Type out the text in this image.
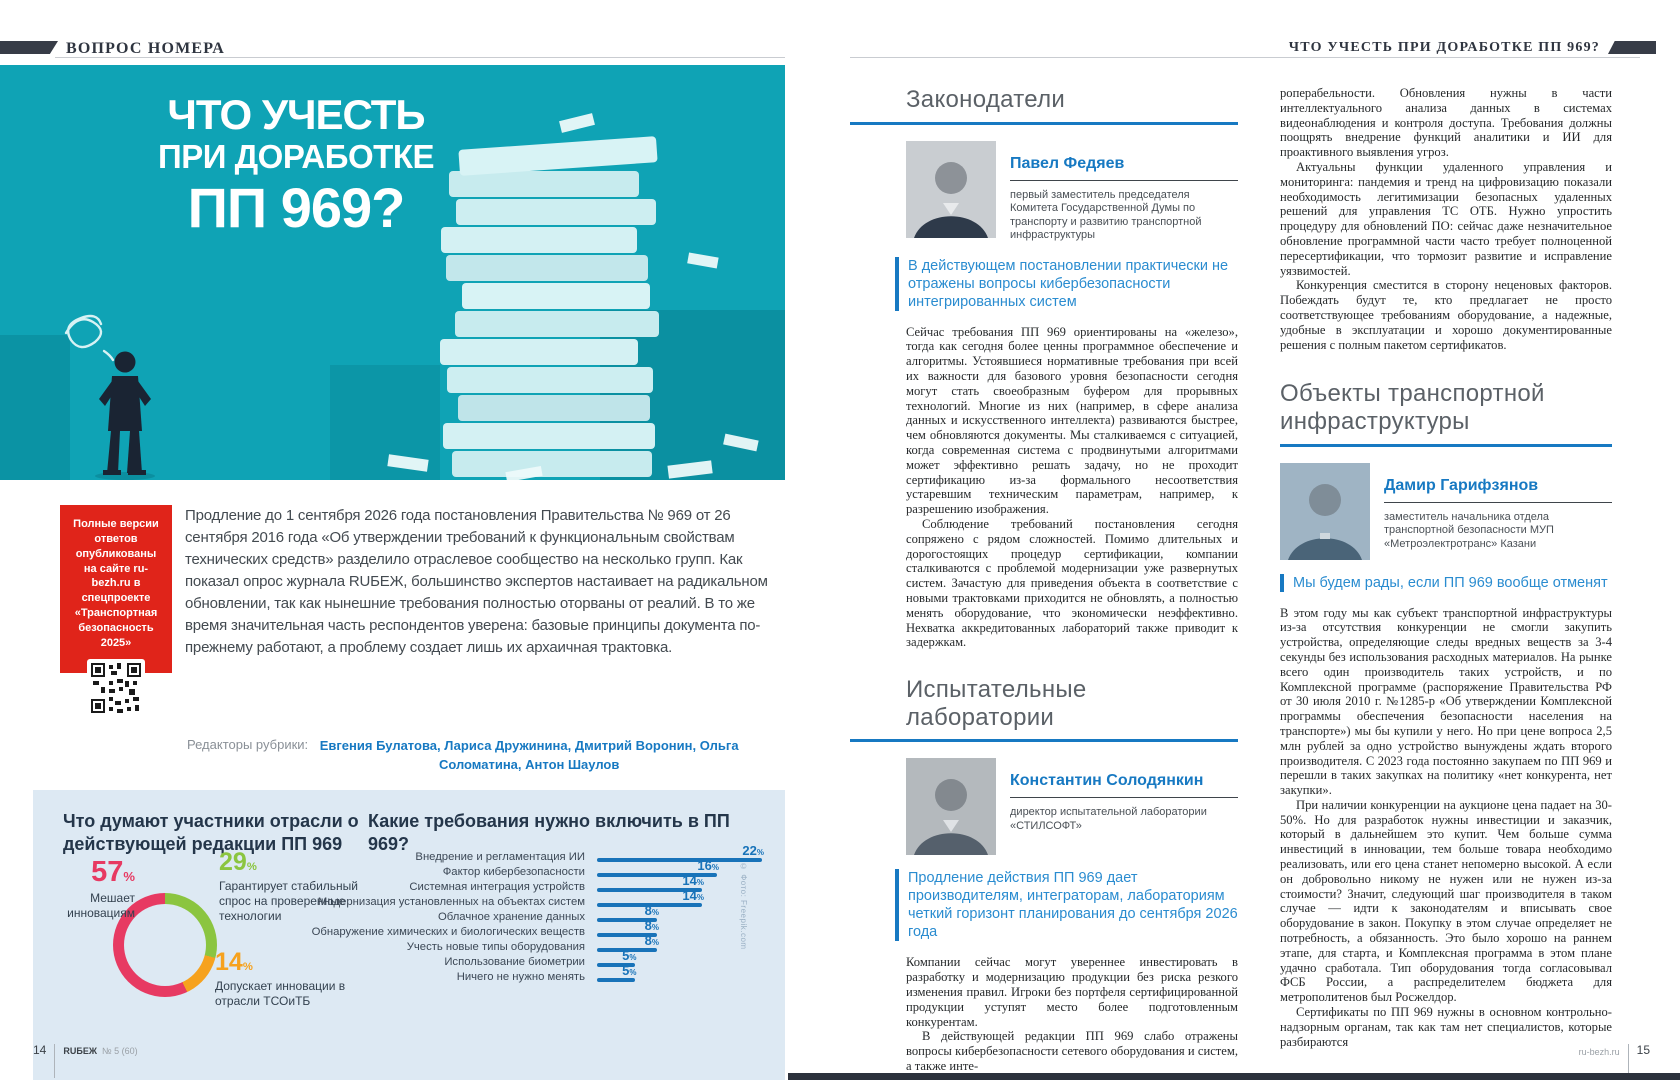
ВОПРОС НОМЕРА
ЧТО УЧЕСТЬ
ПРИ ДОРАБОТКЕ
ПП 969?
Полные версии ответов опубликованы на сайте ru-bezh.ru в спецпроекте «Транспортная безопасность 2025»
Продление до 1 сентября 2026 года постановления Правительства № 969 от 26 сентября 2016 года «Об утверждении требований к функциональным свойствам технических средств» разделило отраслевое сообщество на несколько групп. Как показал опрос журнала RUБЕЖ, большинство экспертов настаивает на радикальном обновлении, так как нынешние требования полностью оторваны от реалий. В то же время значительная часть респондентов уверена: базовые принципы документа по-прежнему работают, а проблему создает лишь их архаичная трактовка.
Редакторы рубрики: Евгения Булатова, Лариса Дружинина, Дмитрий Воронин, Ольга Соломатина, Антон Шаулов
Что думают участники отрасли о действующей редакции ПП 969
Какие требования нужно включить в ПП 969?
57%
Мешает инновациям
29%
Гарантирует стабильный спрос на проверенные технологии
14%
Допускает инновации в отрасли ТСОиТБ
Внедрение и регламентация ИИ	22%
Фактор кибербезопасности	16%
Системная интеграция устройств	14%
Модернизация установленных на объектах систем	14%
Облачное хранение данных	8%
Обнаружение химических и биологических веществ	8%
Учесть новые типы оборудования	8%
Использование биометрии	5%
Ничего не нужно менять	5%
© Фото: Freepik.com
14 RUБЕЖ № 5 (60)
ЧТО УЧЕСТЬ ПРИ ДОРАБОТКЕ ПП 969?
Законодатели
Павел Федяев
первый заместитель председателя Комитета Государственной Думы по транспорту и развитию транспортной инфраструктуры
В действующем постановлении практически не отражены вопросы кибербезопасности интегрированных систем

Сейчас требования ПП 969 ориентированы на «железо», тогда как сегодня более ценны программное обеспечение и алгоритмы. Устоявшиеся нормативные требования при всей их важности для базового уровня безопасности сегодня могут стать своеобразным буфером для прорывных технологий. Многие из них (например, в сфере анализа данных и искусственного интеллекта) развиваются быстрее, чем обновляются документы. Мы сталкиваемся с ситуацией, когда современная система с продвинутыми алгоритмами может эффективно решать задачу, но не проходит сертификацию из-за формального несоответствия устаревшим техническим параметрам, например, к разрешению изображения.

Соблюдение требований постановления сегодня сопряжено с рядом сложностей. Помимо длительных и дорогостоящих процедур сертификации, компании сталкиваются с проблемой модернизации уже развернутых систем. Зачастую для приведения объекта в соответствие с новыми трактовками приходится не обновлять, а полностью менять оборудование, что экономически неэффективно. Нехватка аккредитованных лабораторий также приводит к задержкам.

Испытательные лаборатории
Константин Солодянкин
директор испытательной лаборатории «СТИЛСОФТ»
Продление действия ПП 969 дает производителям, интеграторам, лабораториям четкий горизонт планирования до сентября 2026 года

Компании сейчас могут увереннее инвестировать в разработку и модернизацию продукции без риска резкого изменения правил. Игроки без портфеля сертифицированной продукции уступят место более подготовленным конкурентам.

В действующей редакции ПП 969 слабо отражены вопросы кибербезопасности сетевого оборудования и систем, а также инте-

роперабельности. Обновления нужны в части интеллектуального анализа данных в системах видеонаблюдения и контроля доступа. Требования должны поощрять внедрение функций аналитики и ИИ для проактивного выявления угроз.

Актуальны функции удаленного управления и мониторинга: пандемия и тренд на цифровизацию показали необходимость легитимизации безопасных удаленных решений для управления ТС ОТБ. Нужно упростить процедуру для обновлений ПО: сейчас даже незначительное обновление программной части часто требует полноценной пересертификации, что тормозит развитие и исправление уязвимостей.

Конкуренция сместится в сторону неценовых факторов. Побеждать будут те, кто предлагает не просто соответствующее требованиям оборудование, а надежные, удобные в эксплуатации и хорошо документированные решения с полным пакетом сертификатов.

Объекты транспортной инфраструктуры
Дамир Гарифзянов
заместитель начальника отдела транспортной безопасности МУП «Метроэлектротранс» Казани
Мы будем рады, если ПП 969 вообще отменят

В этом году мы как субъект транспортной инфраструктуры из-за отсутствия конкуренции не смогли закупить устройства, определяющие следы вредных веществ за 3-4 секунды без использования расходных материалов. На рынке всего один производитель таких устройств, и по Комплексной программе (распоряжение Правительства РФ от 30 июля 2010 г. №1285-р «Об утверждении Комплексной программы обеспечения безопасности населения на транспорте») мы бы купили у него. Но при цене вопроса 2,5 млн рублей за одно устройство вынуждены ждать второго производителя. С 2023 года постоянно закупаем по ПП 969 и перешли в таких закупках на политику «нет конкурента, нет закупки».

При наличии конкуренции на аукционе цена падает на 30-50%. Но для разработок нужны инвестиции и заказчик, который в дальнейшем это купит. Чем больше сумма инвестиций в инновации, тем больше товара необходимо реализовать, или его цена станет непомерно высокой. А если он добровольно никому не нужен или не нужен из-за стоимости? Значит, следующий шаг производителя в таком случае — идти к законодателям и вписывать свое оборудование в закон. Покупку в этом случае определяет не потребность, а обязанность. Это было хорошо на раннем этапе, для старта, и Комплексная программа в этом плане удачно сработала. Тип оборудования тогда согласовывал ФСБ России, а распределителем бюджета для метрополитенов был Росжелдор.

Сертификаты по ПП 969 нужны в основном контрольно-надзорным органам, так как там нет специалистов, которые разбираются

ru-bezh.ru 15
